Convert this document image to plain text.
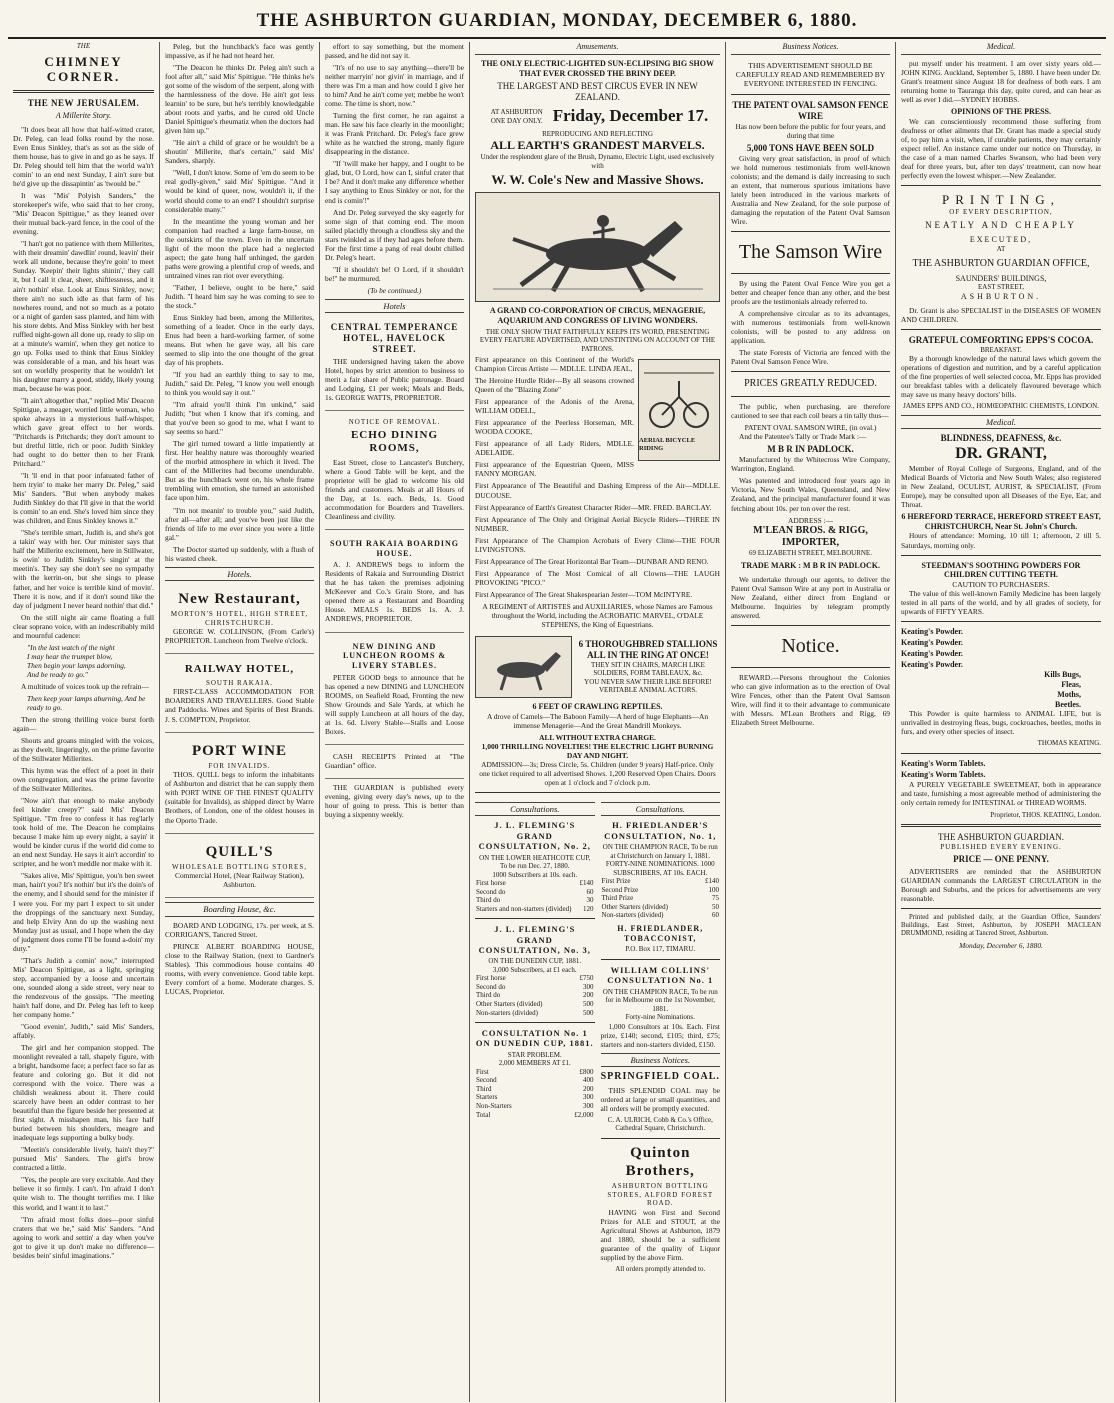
THE ASHBURTON GUARDIAN, MONDAY, DECEMBER 6, 1880.
THE
CHIMNEY CORNER.
THE NEW JERUSALEM.
A Millerite Story.

"It does beat all how that half-witted crater, Dr. Peleg, can lead folks round by the nose. Even Enus Sinkley, that's as sot as the side of them house, has to give in and go as he says. If Dr. Peleg should tell him that the world wa'n't comin' to an end next Sunday, I ain't sure but he'd give up the dissapintin' as 'twould be."

It was "Mis' Polyish Sanders," the storekeeper's wife, who said that to her crony, "Mis' Deacon Spittigue," as they leaned over their mutual back-yard fence, in the cool of the evening.

"I han't got no patience with them Millerites, with their dreamin' dawdlin' round, leavin' their work all undone, because they're goin' to meet Sunday. 'Keepin' their lights shinin',' they call it, but I call it clear, sheer, shiftlessness, and it ain't nothin' else. Look at Enus Sinkley, now; there ain't no such idle as that farm of his nowheres round, and not so much as a potato or a night of garden sass planted, and him with his store debts. And Miss Sinkley with her best ruffled night-gown all done up, ready to slip on at a minute's warnin', when they get notice to go up. Folks used to think that Enus Sinkley was considerable of a man, and his heart was sot on worldly prosperity that he wouldn't let his daughter marry a good, stiddy, likely young man, because he was poor.

"It ain't altogether that," replied Mis' Deacon Spittigue, a meager, worried little woman, who spoke always in a mysterious half-whisper, which gave great effect to her words. "Pritchards is Pritchards; they don't amount to but dretful little, rich or poor. Judith Sinkley had ought to do better then to her Frank Pritchard."

"It 'll end in that poor infatuated father of hern tryin' to make her marry Dr. Peleg," said Mis' Sanders. "But when anybody makes Judith Sinkley do that I'll give in that the world is comin' to an end. She's loved him since they was children, and Enus Sinkley knows it."

"She's terrible smart, Judith is, and she's got a takin' way with her. Our minister says that half the Millerite excitement, here in Stillwater, is owin' to Judith Sinkley's singin' at the meetin's. They say she don't see no sympathy with the kerrin-on, but she sings to please father, and her voice is terrible kind of movin'. There it is now, and if it don't sound like the day of judgment I never heard nothin' that did."

On the still night air came floating a full clear soprano voice, with an indescribably mild and mournful cadence:

"In the last watch of the night
I may hear the trumpet blow,
Then begin your lamps adorning,
And be ready to go."

A multitude of voices took up the refrain—

Then keep your lamps aburning, And be ready to go.

Then the strong thrilling voice burst forth again—

Shouts and groans mingled with the voices, as they dwelt, lingeringly, on the prime favorite of the Stillwater Millerites.

This hymn was the effect of a poet in their own congregation, and was the prime favorite of the Stillwater Millerites.

"Now ain't that enough to make anybody feel kinder creepy?" said Mis' Deacon Spittigue. "I'm free to confess it has reg'larly took hold of me. The Deacon he complains because I make him up every night, a sayin' it would be kinder curus if the world did come to an end next Sunday. He says it ain't accordin' to scripter, and he won't meddle nor make with it.

"Sakes alive, Mis' Spittigue, you'n ben sweet man, hain't you? It's nothin' but it's the doin's of the enemy, and I should send for the minister if I were you. For my part I expect to sit under the droppings of the sanctuary next Sunday, and help Elviry Ann do up the washing next Monday just as usual, and I hope when the day of judgment does come I'll be found a-doin' my duty."

"That's Judith a comin' now," interrupted Mis' Deacon Spittigue, as a light, springing step, accompanied by a loose and uncertain one, sounded along a side street, very near to the rendezvous of the gossips. "The meeting hain't half done, and Dr. Peleg has left to keep her company home."

"Good evenin', Judith," said Mis' Sanders, affably.

The girl and her companion stopped. The moonlight revealed a tall, shapely figure, with a bright, handsome face; a perfect face so far as feature and coloring go. But it did not correspond with the voice. There was a childish weakness about it. There could scarcely have been an odder contrast to her beautiful than the figure beside her presented at first sight. A misshapen man, his face half buried between his shoulders, meagre and inadequate legs supporting a bulky body.

"Meetin's considerable lively, hain't they?" pursued Mis' Sanders. The girl's brow contracted a little.

"Yes, the people are very excitable. And they believe it so firmly. I can't. I'm afraid I don't quite wish to. The thought terrifies me. I like this world, and I want it to last."

"I'm afraid most folks does—poor sinful craters that we be," said Mis' Sanders. "And agoing to work and settin' a day when you've got to give it up don't make no difference—besides bein' sinful imaginations."

Peleg, but the hunchback's face was gently impassive, as if he had not heard her.

"The Deacon he thinks Dr. Peleg ain't such a fool after all," said Mis' Spittigue. "He thinks he's got some of the wisdom of the serpent, along with the harmlessness of the dove. He ain't got less learnin' to be sure, but he's terribly knowledgable about roots and yarbs, and he cured old Uncle Daniel Spittigue's rheumatiz when the doctors had given him up."

"He ain't a child of grace or he wouldn't be a shoutin' Millerite, that's certain," said Mis' Sanders, sharply.

"Well, I don't know. Some of 'em do seem to be real godly-given," said Mis' Spittigue. "And it would be kind of queer, now, wouldn't it, if the world should come to an end? I shouldn't surprise considerable many."

In the meantime the young woman and her companion had reached a large farm-house, on the outskirts of the town. Even in the uncertain light of the moon the place had a neglected aspect; the gate hung half unhinged, the garden paths were growing a plentiful crop of weeds, and untrained vines ran riot over everything.

"Father, I believe, ought to be here," said Judith. "I heard him say he was coming to see to the stock."

Enus Sinkley had been, among the Millerites, something of a leader. Once in the early days, Enus had been a hard-working farmer, of some means. But when he gave way, all his care seemed to slip into the one thought of the great day of his prophets.

"If you had an earthly thing to say to me, Judith," said Dr. Peleg, "I know you well enough to think you would say it out."

"I'm afraid you'll think I'm unkind," said Judith; "but when I know that it's coming, and that you've been so good to me, what I want to say seems so hard."

The girl turned toward a little impatiently at first. Her healthy nature was thoroughly wearied of the morbid atmosphere in which it lived. The cant of the Millerites had become unendurable. But as the hunchback went on, his whole frame trembling with emotion, she turned an astonished face upon him.

"I'm not meanin' to trouble you," said Judith, after all—after all; and you've been just like the friends of life to me ever since you were a little gal."

The Doctor started up suddenly, with a flush of his wasted cheek.

Hotels.
New Restaurant,
MORTON'S HOTEL, HIGH STREET, CHRISTCHURCH.

GEORGE W. COLLINSON, (From Carle's) PROPRIETOR. Luncheon from Twelve o'clock.

RAILWAY HOTEL,
SOUTH RAKAIA.

FIRST-CLASS ACCOMMODATION FOR BOARDERS AND TRAVELLERS. Good Stable and Paddocks. Wines and Spirits of Best Brands. J. S. COMPTON, Proprietor.

PORT WINE
FOR INVALIDS.

THOS. QUILL begs to inform the inhabitants of Ashburton and district that he can supply them with PORT WINE OF THE FINEST QUALITY (suitable for Invalids), as shipped direct by Warre Brothers, of London, one of the oldest houses in the Oporto Trade.

QUILL'S
WHOLESALE BOTTLING STORES,

Commercial Hotel, (Near Railway Station), Ashburton.

Boarding House, &c.

BOARD AND LODGING, 17s. per week, at S. CORRIGAN'S, Tancred Street.

PRINCE ALBERT BOARDING HOUSE, close to the Railway Station, (next to Gardner's Stables). This commodious house contains 40 rooms, with every convenience. Good table kept. Every comfort of a home. Moderate charges. S. LUCAS, Proprietor.

effort to say something, but the moment passed, and he did not say it.

"It's of no use to say anything—there'll be neither marryin' nor givin' in marriage, and if there was I'm a man and how could I give her to him? And he ain't come yet; mebbe he won't come. The time is short, now."

Turning the first corner, he ran against a man. He saw his face clearly in the moonlight; it was Frank Pritchard. Dr. Peleg's face grew white as he watched the strong, manly figure disappearing in the distance.

"If 'twill make her happy, and I ought to be glad, but, O Lord, how can I, sinful crater that I be? And it don't make any difference whether I say anything to Enus Sinkley or not, for the end is comin'!"

And Dr. Peleg surveyed the sky eagerly for some sign of that coming end. The moon sailed placidly through a cloudless sky and the stars twinkled as if they had ages before them. For the first time a pang of real doubt chilled Dr. Peleg's heart.

"If it shouldn't be! O Lord, if it shouldn't be!" he murmured.

(To be continued.)
Hotels
CENTRAL TEMPERANCE HOTEL, HAVELOCK STREET.

THE undersigned having taken the above Hotel, hopes by strict attention to business to merit a fair share of Public patronage. Board and Lodging, £1 per week; Meals and Beds, 1s. GEORGE WATTS, PROPRIETOR.

NOTICE OF REMOVAL.
ECHO DINING ROOMS,

East Street, close to Lancaster's Butchery, where a Good Table will be kept, and the proprietor will be glad to welcome his old friends and customers. Meals at all Hours of the Day, at 1s. each. Beds, 1s. Good accommodation for Boarders and Travellers. Cleanliness and civility.

SOUTH RAKAIA BOARDING HOUSE.

A. J. ANDREWS begs to inform the Residents of Rakaia and Surrounding District that he has taken the premises adjoining McKeever and Co.'s Grain Store, and has opened there as a Restaurant and Boarding House. MEALS 1s. BEDS 1s. A. J. ANDREWS, PROPRIETOR.

NEW DINING AND LUNCHEON ROOMS & LIVERY STABLES.

PETER GOOD begs to announce that he has opened a new DINING and LUNCHEON ROOMS, on Seafield Road, Fronting the new Show Grounds and Sale Yards, at which he will supply Luncheon at all hours of the day, at 1s. 6d. Livery Stable—Stalls and Loose Boxes.

CASH RECEIPTS Printed at "The Guardian" office.

THE GUARDIAN is published every evening, giving every day's news, up to the hour of going to press. This is better than buying a sixpenny weekly.

Amusements.
THE ONLY ELECTRIC-LIGHTED SUN-ECLIPSING BIG SHOW THAT EVER CROSSED THE BRINY DEEP.
THE LARGEST AND BEST CIRCUS EVER IN NEW ZEALAND.
AT ASHBURTON ONE DAY ONLY. Friday, December 17.
REPRODUCING AND REFLECTING
ALL EARTH'S GRANDEST MARVELS.
Under the resplendent glare of the Brush, Dynamo, Electric Light, used exclusively with
W. W. Cole's New and Massive Shows.
A GRAND CO-CORPORATION OF CIRCUS, MENAGERIE, AQUARIUM AND CONGRESS OF LIVING WONDERS.
THE ONLY SHOW THAT FAITHFULLY KEEPS ITS WORD, PRESENTING EVERY FEATURE ADVERTISED, AND UNSTINTING ON ACCOUNT OF THE PATRONS.

First appearance on this Continent of the World's Champion Circus Artiste — MDLLE. LINDA JEAL,

The Heroine Hurdle Rider—By all seasons crowned Queen of the "Blazing Zone"

First appearance of the Adonis of the Arena, WILLIAM ODELL,

First appearance of the Peerless Horseman, MR. WOODA COOKE,

First appearance of all Lady Riders, MDLLE. ADELAIDE.

First appearance of the Equestrian Queen, MISS FANNY MORGAN.

AERIAL BICYCLE RIDING

First Appearance of The Beautiful and Dashing Empress of the Air—MDLLE. DUCOUSE.

First Appearance of Earth's Greatest Character Rider—MR. FRED. BARCLAY.

First Appearance of The Only and Original Aerial Bicycle Riders—THREE IN NUMBER.

First Appearance of The Champion Acrobats of Every Clime—THE FOUR LIVINGSTONS.

First Appearance of The Great Horizontal Bar Team—DUNBAR AND RENO.

First Appearance of The Most Comical of all Clowns—THE LAUGH PROVOKING "PICO."

First Appearance of The Great Shakespearian Jester—TOM McINTYRE.

A REGIMENT of ARTISTES and AUXILIARIES, whose Names are Famous throughout the World, including the ACROBATIC MARVEL, O'DALE STEPHENS, the King of Equestrians.

6 THOROUGHBRED STALLIONS ALL IN THE RING AT ONCE!
THEY SIT IN CHAIRS, MARCH LIKE SOLDIERS, FORM TABLEAUX, &c.
YOU NEVER SAW THEIR LIKE BEFORE! VERITABLE ANIMAL ACTORS.
6 FEET OF CRAWLING REPTILES.

A drove of Camels—The Baboon Family—A herd of huge Elephants—An immense Menagerie—And the Great Mandrill Monkeys.

ALL WITHOUT EXTRA CHARGE.
1,000 THRILLING NOVELTIES! THE ELECTRIC LIGHT BURNING DAY AND NIGHT.

ADMISSION—3s; Dress Circle, 5s. Children (under 9 years) Half-price. Only one ticket required to all advertised Shows. 1,200 Reserved Open Chairs. Doors open at 1 o'clock and 7 o'clock p.m.

Consultations.
J. L. FLEMING'S GRAND CONSULTATION, No. 2,
ON THE LOWER HEATHCOTE CUP, To be run Dec. 27, 1880.
1000 Subscribers at 10s. each.
First horse	£140
Second do	60
Third do	30
Starters and non-starters (divided)	120
J. L. FLEMING'S GRAND CONSULTATION, No. 3,
ON THE DUNEDIN CUP, 1881.
3,000 Subscribers, at £1 each.
First horse	£750
Second do	300
Third do	200
Other Starters (divided)	500
Non-starters (divided)	500
CONSULTATION No. 1 ON DUNEDIN CUP, 1881.
STAR PROBLEM.
2,000 MEMBERS AT £1.
First	£800
Second	400
Third	200
Starters	300
Non-Starters	300
Total	£2,000
Consultations.
H. FRIEDLANDER'S CONSULTATION, No. 1,
ON THE CHAMPION RACE, To be run at Christchurch on January 1, 1881.
FORTY-NINE NOMINATIONS. 1000 SUBSCRIBERS, AT 10s. EACH.
First Prize	£140
Second Prize	100
Third Prize	75
Other Starters (divided)	50
Non-starters (divided)	60
H. FRIEDLANDER, TOBACCONIST,
P.O. Box 117, TIMARU.
WILLIAM COLLINS' CONSULTATION No. 1
ON THE CHAMPION RACE, To be run for in Melbourne on the 1st November, 1881.
Forty-nine Nominations.

1,000 Consultors at 10s. Each. First prize, £140; second, £105; third, £75; starters and non-starters divided, £150.

Business Notices.
SPRINGFIELD COAL.

THIS SPLENDID COAL may be ordered at large or small quantities, and all orders will be promptly executed.

C. A. ULRICH, Cobb & Co.'s Office, Cathedral Square, Christchurch.
Quinton Brothers,
ASHBURTON BOTTLING STORES, ALFORD FOREST ROAD.

HAVING won First and Second Prizes for ALE and STOUT, at the Agricultural Shows at Ashburton, 1879 and 1880, should be a sufficient guarantee of the quality of Liquor supplied by the above Firm.

All orders promptly attended to.
Business Notices.
THIS ADVERTISEMENT SHOULD BE CAREFULLY READ AND REMEMBERED BY EVERYONE INTERESTED IN FENCING.
THE PATENT OVAL SAMSON FENCE WIRE

Has now been before the public for four years, and during that time

5,000 TONS HAVE BEEN SOLD

Giving very great satisfaction, in proof of which we hold numerous testimonials from well-known colonists; and the demand is daily increasing to such an extent, that numerous spurious imitations have lately been introduced in the various markets of Australia and New Zealand, for the sole purpose of damaging the reputation of the Patent Oval Samson Wire.

The Samson Wire

By using the Patent Oval Fence Wire you get a better and cheaper fence than any other, and the best proofs are the testimonials already referred to.

A comprehensive circular as to its advantages, with numerous testimonials from well-known colonists, will be posted to any address on application.

The state Forests of Victoria are fenced with the Patent Oval Samson Fence Wire.

PRICES GREATLY REDUCED.

The public, when purchasing, are therefore cautioned to see that each coil bears a tin tally thus—

PATENT OVAL SAMSON WIRE, (in oval.)

And the Patentee's Tally or Trade Mark :—

M B R IN PADLOCK.

Manufactured by the Whitecross Wire Company, Warrington, England.

Was patented and introduced four years ago in Victoria, New South Wales, Queensland, and New Zealand, and the principal manufacturer found it was fetching about 10s. per ton over the rest.

ADDRESS :—
M'LEAN BROS. & RIGG, IMPORTER,
69 ELIZABETH STREET, MELBOURNE.
TRADE MARK : M B R IN PADLOCK.

We undertake through our agents, to deliver the Patent Oval Samson Wire at any port in Australia or New Zealand, either direct from England or Melbourne. Inquiries by telegram promptly answered.

Notice.

REWARD.—Persons throughout the Colonies who can give information as to the erection of Oval Wire Fences, other than the Patent Oval Samson Wire, will find it to their advantage to communicate with Messrs. M'Lean Brothers and Rigg, 69 Elizabeth Street Melbourne.

Medical.

put myself under his treatment. I am over sixty years old.—JOHN KING. Auckland, September 5, 1880. I have been under Dr. Grant's treatment since August 18 for deafness of both ears. I am returning home to Tauranga this day, quite cured, and can hear as well as ever I did.—SYDNEY HOBBS.

OPINIONS OF THE PRESS.

We can conscientiously recommend those suffering from deafness or other ailments that Dr. Grant has made a special study of, to pay him a visit, when, if curable patients, they may certainly expect relief. An instance came under our notice on Thursday, in the case of a man named Charles Swanson, who had been very deaf for three years, but, after ten days' treatment, can now hear perfectly even the lowest whisper.—New Zealander.

PRINTING,
OF EVERY DESCRIPTION,
NEATLY AND CHEAPLY
EXECUTED,
AT
THE ASHBURTON GUARDIAN OFFICE,
SAUNDERS' BUILDINGS,
EAST STREET,
ASHBURTON.

Dr. Grant is also SPECIALIST in the DISEASES OF WOMEN AND CHILDREN.

GRATEFUL COMFORTING EPPS'S COCOA.
BREAKFAST.

By a thorough knowledge of the natural laws which govern the operations of digestion and nutrition, and by a careful application of the fine properties of well selected cocoa, Mr. Epps has provided our breakfast tables with a delicately flavoured beverage which may save us many heavy doctors' bills.

JAMES EPPS AND CO., HOMŒOPATHIC CHEMISTS, LONDON.
Medical.
BLINDNESS, DEAFNESS, &c.
DR. GRANT,

Member of Royal College of Surgeons, England, and of the Medical Boards of Victoria and New South Wales; also registered in New Zealand, OCULIST, AURIST, & SPECIALIST, (From Europe), may be consulted upon all Diseases of the Eye, Ear, and Throat.

6 HEREFORD TERRACE, HEREFORD STREET EAST, CHRISTCHURCH, Near St. John's Church.

Hours of attendance: Morning, 10 till 1; afternoon, 2 till 5. Saturdays, morning only.

STEEDMAN'S SOOTHING POWDERS FOR CHILDREN CUTTING TEETH.
CAUTION TO PURCHASERS.

The value of this well-known Family Medicine has been largely tested in all parts of the world, and by all grades of society, for upwards of FIFTY YEARS.

Keating's Powder.
Keating's Powder.
Keating's Powder.
Keating's Powder.
Kills Bugs,
Fleas,
Moths,
Beetles.

This Powder is quite harmless to ANIMAL LIFE, but is unrivalled in destroying fleas, bugs, cockroaches, beetles, moths in furs, and every other species of insect.

THOMAS KEATING.
Keating's Worm Tablets.
Keating's Worm Tablets.

A PURELY VEGETABLE SWEETMEAT, both in appearance and taste, furnishing a most agreeable method of administering the only certain remedy for INTESTINAL or THREAD WORMS.

Proprietor, THOS. KEATING, London.
THE ASHBURTON GUARDIAN.
PUBLISHED EVERY EVENING.
PRICE — ONE PENNY.

ADVERTISERS are reminded that the ASHBURTON GUARDIAN commands the LARGEST CIRCULATION in the Borough and Suburbs, and the prices for advertisements are very reasonable.

Printed and published daily, at the Guardian Office, Saunders' Buildings, East Street, Ashburton, by JOSEPH MACLEAN DRUMMOND, residing at Tancred Street, Ashburton.

Monday, December 6, 1880.
